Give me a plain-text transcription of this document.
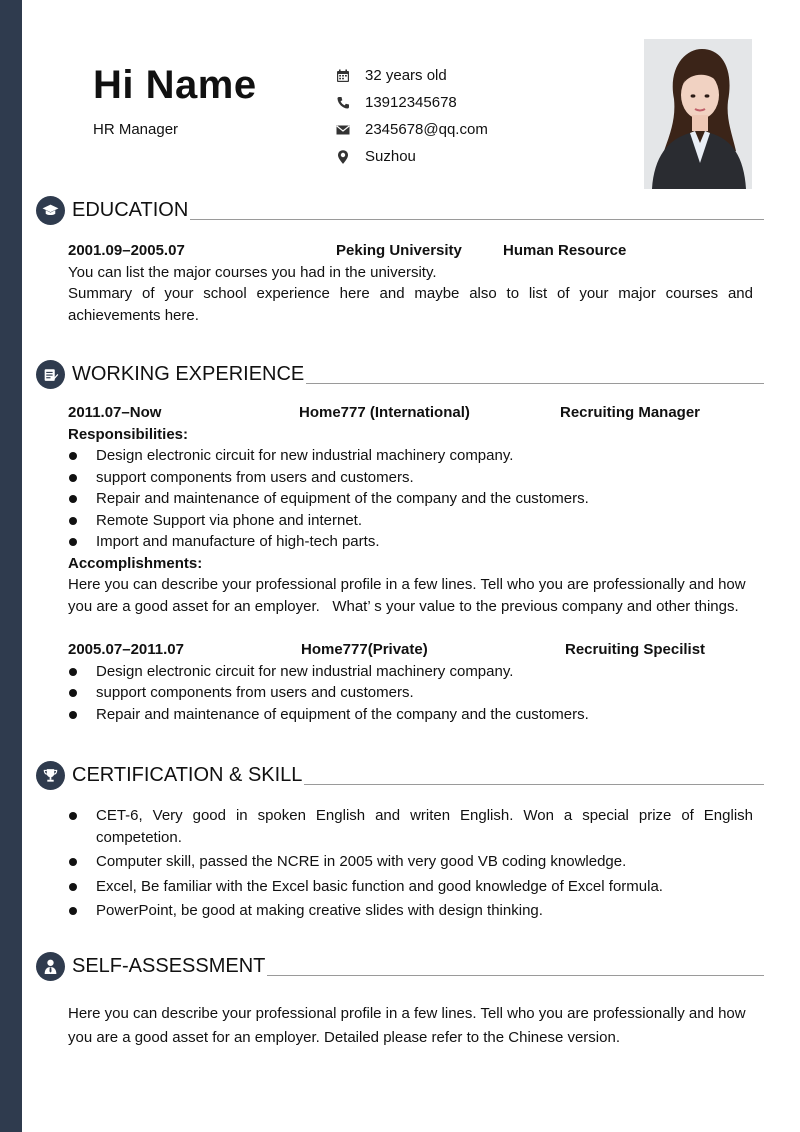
Hi Name
HR Manager
32 years old
13912345678
2345678@qq.com
Suzhou
EDUCATION
2001.09–2005.07	Peking University	Human Resource

You can list the major courses you had in the university.

Summary of your school experience here and maybe also to list of your major courses and achievements here.

WORKING EXPERIENCE
2011.07–Now	Home777 (International)	Recruiting Manager
Responsibilities:
Design electronic circuit for new industrial machinery company.
support components from users and customers.
Repair and maintenance of equipment of the company and the customers.
Remote Support via phone and internet.
Import and manufacture of high-tech parts.
Accomplishments:

Here you can describe your professional profile in a few lines. Tell who you are professionally and how you are a good asset for an employer.   What’ s your value to the previous company and other things.

2005.07–2011.07	Home777(Private)	Recruiting Specilist
Design electronic circuit for new industrial machinery company.
support components from users and customers.
Repair and maintenance of equipment of the company and the customers.
CERTIFICATION & SKILL
CET-6, Very good in spoken English and writen English. Won a special prize of English competetion.
Computer skill, passed the NCRE in 2005 with very good VB coding knowledge.
Excel, Be familiar with the Excel basic function and good knowledge of Excel formula.
PowerPoint, be good at making creative slides with design thinking.
SELF-ASSESSMENT

Here you can describe your professional profile in a few lines. Tell who you are professionally and how you are a good asset for an employer. Detailed please refer to the Chinese version.
